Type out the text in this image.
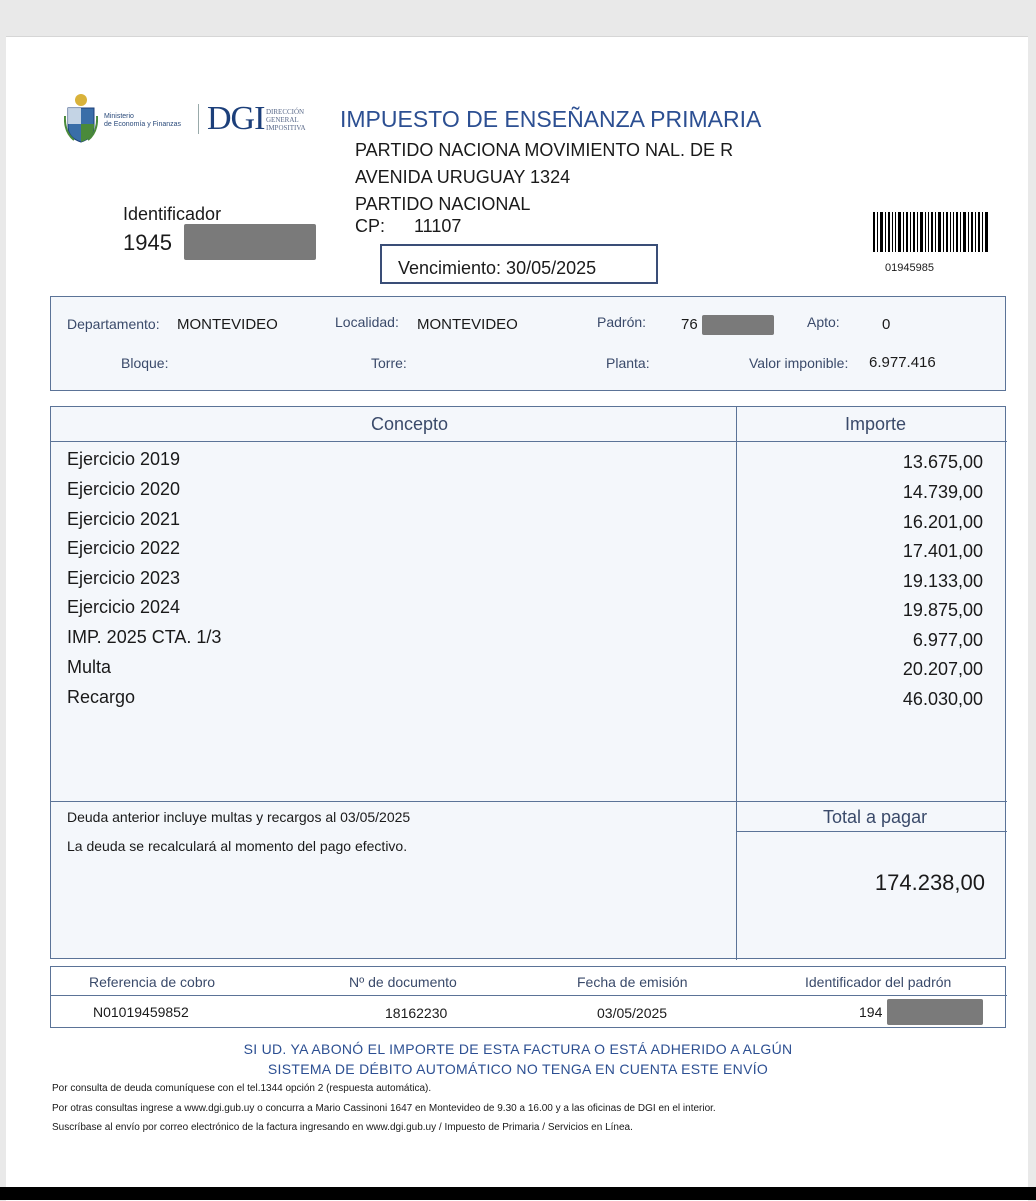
Ministerio
de Economía y Finanzas DGI DIRECCIÓN
GENERAL
IMPOSITIVA IMPUESTO DE ENSEÑANZA PRIMARIA
PARTIDO NACIONA MOVIMIENTO NAL. DE R
AVENIDA URUGUAY 1324
PARTIDO NACIONAL
CP: 11107
Identificador
1945
Vencimiento: 30/05/2025	01945985
Departamento: MONTEVIDEO	Localidad: MONTEVIDEO	Padrón: 76	Apto:	0
Bloque:	Torre:	Planta:	Valor imponible: 6.977.416
Concepto	Importe
Ejercicio 2019	13.675,00
Ejercicio 2020	14.739,00
Ejercicio 2021	16.201,00
Ejercicio 2022	17.401,00
Ejercicio 2023	19.133,00
Ejercicio 2024	19.875,00
IMP. 2025 CTA. 1/3	6.977,00
Multa	20.207,00
Recargo	46.030,00
Deuda anterior incluye multas y recargos al 03/05/2025
La deuda se recalculará al momento del pago efectivo.
Total a pagar
174.238,00
Referencia de cobro	Nº de documento	Fecha de emisión	Identificador del padrón
N01019459852	18162230	03/05/2025	194
SI UD. YA ABONÓ EL IMPORTE DE ESTA FACTURA O ESTÁ ADHERIDO A ALGÚN
SISTEMA DE DÉBITO AUTOMÁTICO NO TENGA EN CUENTA ESTE ENVÍO
Por consulta de deuda comuníquese con el tel.1344 opción 2 (respuesta automática).
Por otras consultas ingrese a www.dgi.gub.uy o concurra a Mario Cassinoni 1647 en Montevideo de 9.30 a 16.00 y a las oficinas de DGI en el interior.
Suscríbase al envío por correo electrónico de la factura ingresando en www.dgi.gub.uy / Impuesto de Primaria / Servicios en Línea.
